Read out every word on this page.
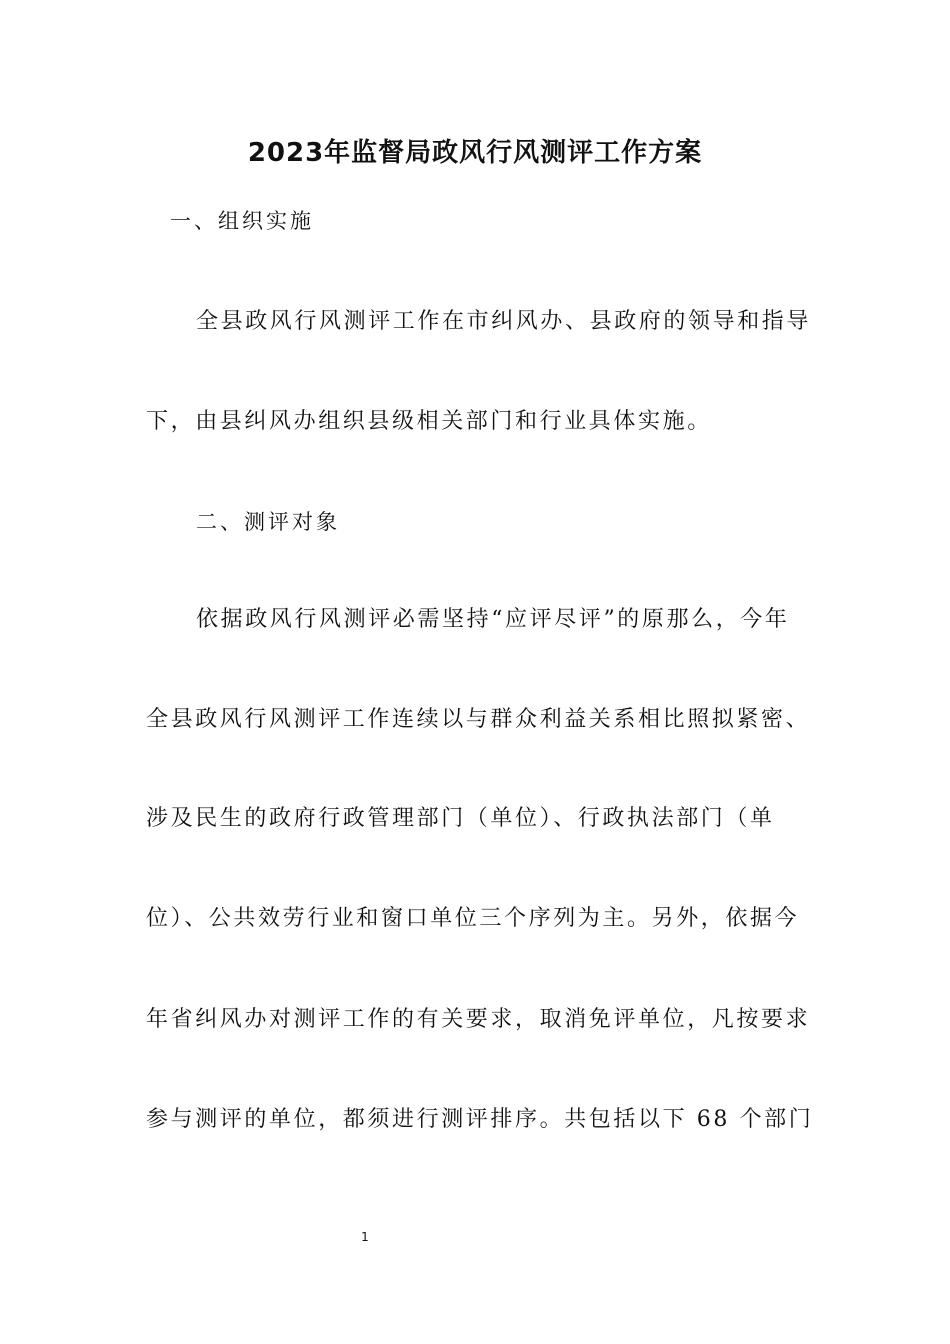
2023年监督局政风行风测评工作方案
一、组织实施
全县政风行风测评工作在市纠风办、县政府的领导和指导
下，由县纠风办组织县级相关部门和行业具体实施。
二、测评对象
依据政风行风测评必需坚持“应评尽评”的原那么，今年
全县政风行风测评工作连续以与群众利益关系相比照拟紧密、
涉及民生的政府行政管理部门（单位）、行政执法部门（单
位）、公共效劳行业和窗口单位三个序列为主。另外，依据今
年省纠风办对测评工作的有关要求，取消免评单位，凡按要求
参与测评的单位，都须进行测评排序。共包括以下 68 个部门
1
